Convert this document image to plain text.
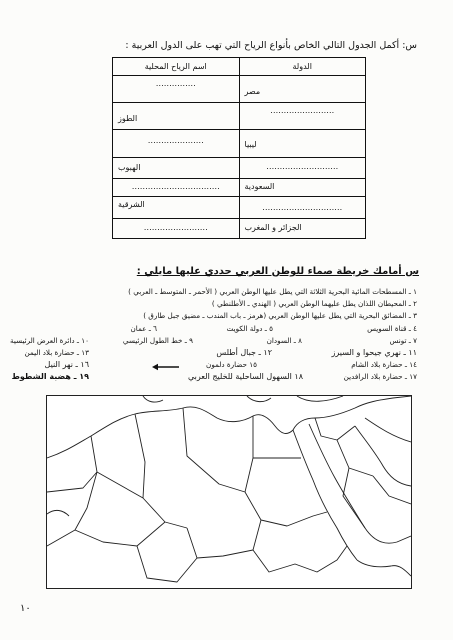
س: أكمل الجدول التالي الخاص بأنواع الرياح التي تهب على الدول العربية :
الدولة	اسم الرياح المحلية

مصر	……………

……………………	الطوز

ليبيا	…………………

………………………	الهبوب

السعودية	……………………………

…………………………	الشرقية

الجزائر و المغرب	……………………
س أمامك خريطة صماء للوطن العربي حددي عليها مايلي :
١ ـ المسطحات المائية البحرية الثلاثة التي يطل عليها الوطن العربي ( الأحمر ـ المتوسط ـ العربي )
٢ ـ المحيطان اللذان يطل عليهما الوطن العربي ( الهندي ـ الأطلنطي )
٣ ـ المضائق البحرية التي يطل عليها الوطن العربي (هرمز ـ باب المندب ـ مضيق جبل طارق )
٤ ـ قناة السويس
٥ ـ دولة الكويت
٦ ـ عمان
٧ ـ تونس
٨ ـ السودان
٩ ـ خط الطول الرئيسي
١٠ ـ دائرة العرض الرئيسية
١١ ـ نهري جيحوا و السيرز
١٢ ـ جبال أطلس
١٣ ـ حضارة بلاد اليمن
١٤ ـ حضارة بلاد الشام
١٥ حضارة دلمون
١٦ ـ نهر النيل
١٧ ـ حضارة بلاد الرافدين
١٨ السهول الساحلية للخليج العربي
١٩ ـ هضبة الشطوط
١٠
